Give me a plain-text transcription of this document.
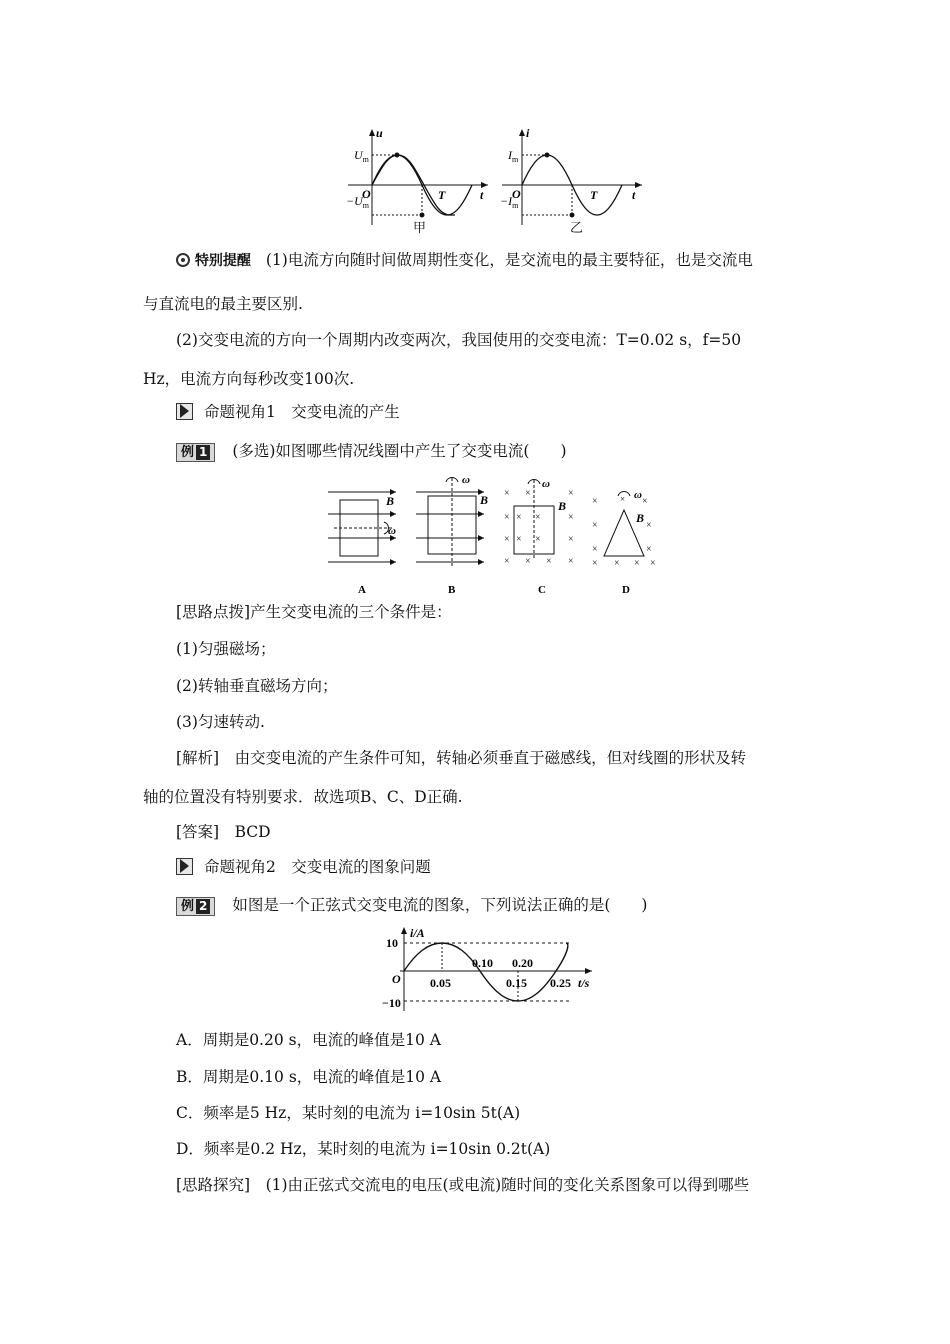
u
$U_m$
$-U_m$
O	T	t
甲
i
$I_m$
$-I_m$
O	T	t
乙
特别提醒 (1)电流方向随时间做周期性变化，是交流电的最主要特征，也是交流电
与直流电的最主要区别.
(2)交变电流的方向一个周期内改变两次，我国使用的交变电流：T=0.02 s，f=50
Hz，电流方向每秒改变100次.
命题视角1　交变电流的产生
例 1 (多选)如图哪些情况线圈中产生了交变电流(　　)
B
ω
A
ω
B
B
× ×	×
×	×
×	×
× × × ×
× ×
× ×
ω
B
C
×	×
×	×
×	×
× × × ×
× ω
B
D
[思路点拨]产生交变电流的三个条件是：
(1)匀强磁场；
(2)转轴垂直磁场方向；
(3)匀速转动.
[解析]　由交变电流的产生条件可知，转轴必须垂直于磁感线，但对线圈的形状及转
轴的位置没有特别要求．故选项B、C、D正确.
[答案]　BCD
命题视角2　交变电流的图象问题
例 2 如图是一个正弦式交变电流的图象，下列说法正确的是(　　)
i/A
10
−10
O 0.05
0.10
0.15
0.20
0.25 t/s
A．周期是0.20 s，电流的峰值是10 A
B．周期是0.10 s，电流的峰值是10 A
C．频率是5 Hz，某时刻的电流为 i=10sin 5t(A)
D．频率是0.2 Hz，某时刻的电流为 i=10sin 0.2t(A)
[思路探究]　(1)由正弦式交流电的电压(或电流)随时间的变化关系图象可以得到哪些
